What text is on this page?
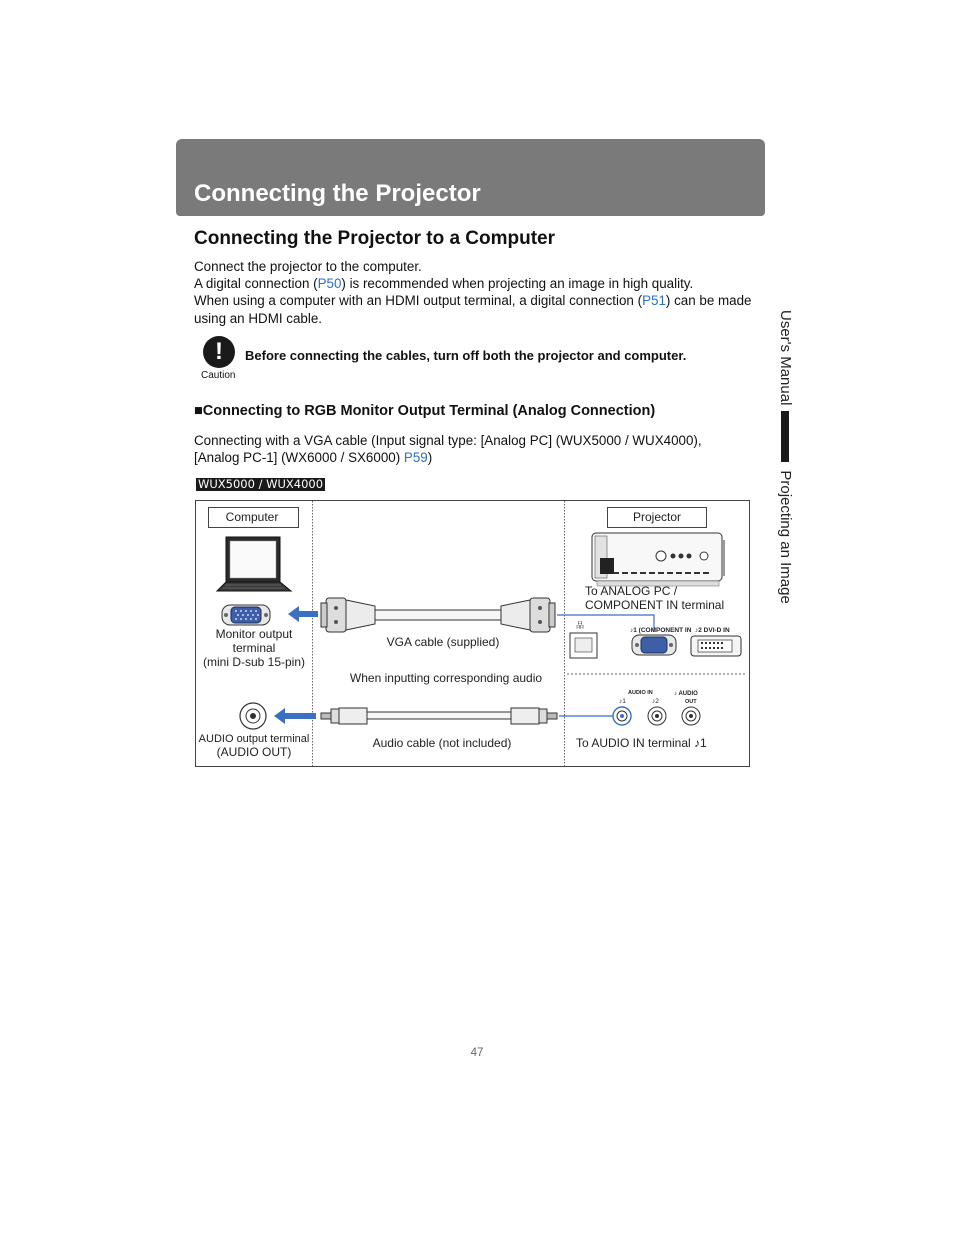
Connecting the Projector
Connecting the Projector to a Computer
Connect the projector to the computer.
A digital connection (P50) is recommended when projecting an image in high quality.
When using a computer with an HDMI output terminal, a digital connection (P51) can be made using an HDMI cable.
!
Caution
Before connecting the cables, turn off both the projector and computer.
■Connecting to RGB Monitor Output Terminal (Analog Connection)
Connecting with a VGA cable (Input signal type: [Analog PC] (WUX5000 / WUX4000),
[Analog PC-1] (WX6000 / SX6000) P59)
WUX5000 / WUX4000
User's ManualProjecting an Image
Computer
Monitor output
terminal
(mini D-sub 15-pin)
VGA cable (supplied)
Projector
To ANALOG PC /
COMPONENT IN terminal
品
♪1 (COMPONENT IN ♪2 DVI-D IN
When inputting corresponding audio
AUDIO output terminal
(AUDIO OUT)
Audio cable (not included)
AUDIO IN
♪1	♪2
♪ AUDIO
OUT
To AUDIO IN terminal ♪1
47
